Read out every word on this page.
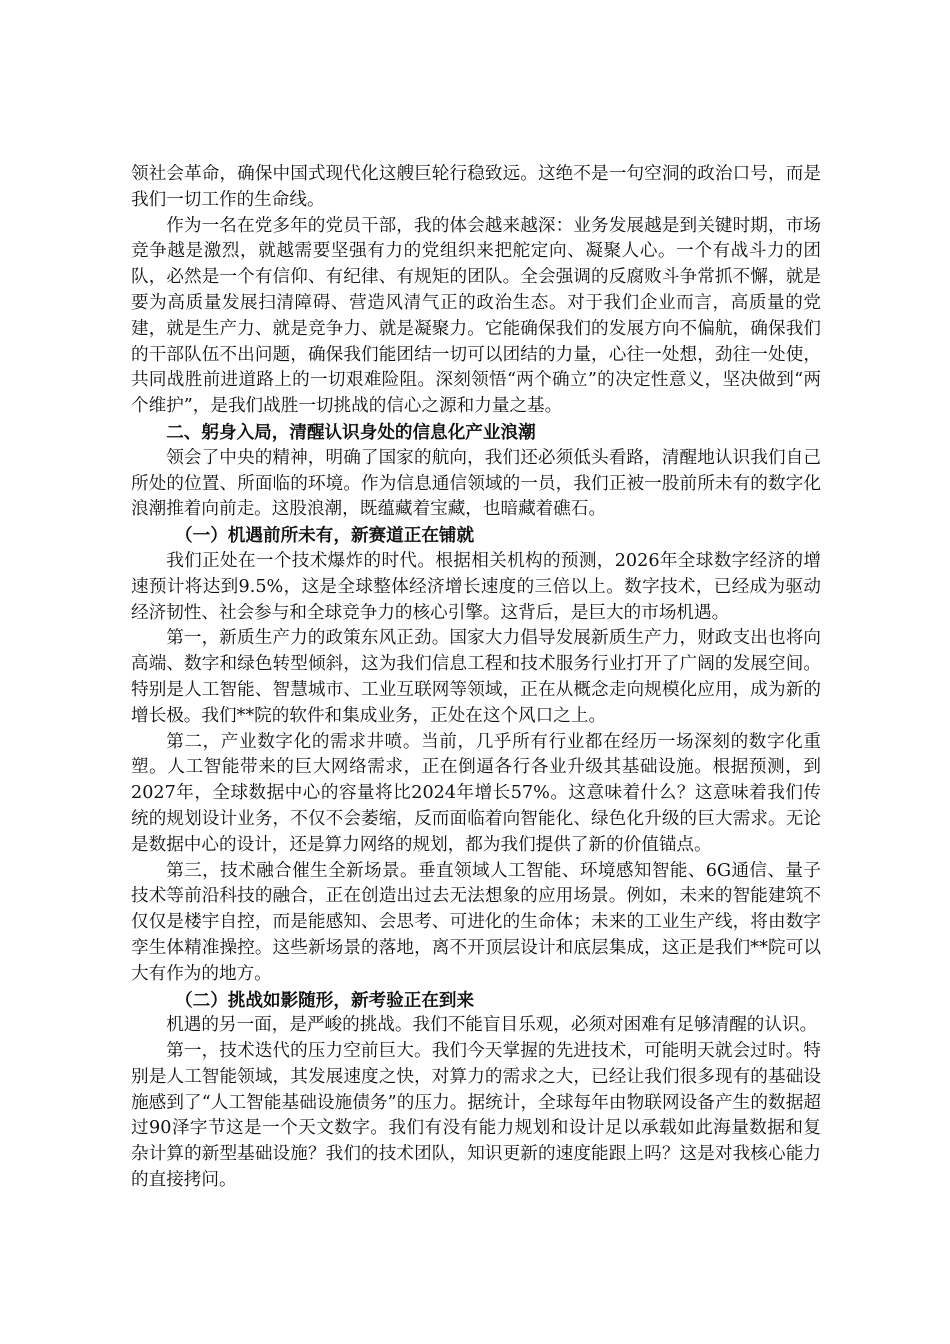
领社会革命，确保中国式现代化这艘巨轮行稳致远。这绝不是一句空洞的政治口号，而是我们一切工作的生命线。

作为一名在党多年的党员干部，我的体会越来越深：业务发展越是到关键时期，市场竞争越是激烈，就越需要坚强有力的党组织来把舵定向、凝聚人心。一个有战斗力的团队，必然是一个有信仰、有纪律、有规矩的团队。全会强调的反腐败斗争常抓不懈，就是要为高质量发展扫清障碍、营造风清气正的政治生态。对于我们企业而言，高质量的党建，就是生产力、就是竞争力、就是凝聚力。它能确保我们的发展方向不偏航，确保我们的干部队伍不出问题，确保我们能团结一切可以团结的力量，心往一处想，劲往一处使，共同战胜前进道路上的一切艰难险阻。深刻领悟“两个确立”的决定性意义，坚决做到“两个维护”，是我们战胜一切挑战的信心之源和力量之基。

二、躬身入局，清醒认识身处的信息化产业浪潮

领会了中央的精神，明确了国家的航向，我们还必须低头看路，清醒地认识我们自己所处的位置、所面临的环境。作为信息通信领域的一员，我们正被一股前所未有的数字化浪潮推着向前走。这股浪潮，既蕴藏着宝藏，也暗藏着礁石。

（一）机遇前所未有，新赛道正在铺就

我们正处在一个技术爆炸的时代。根据相关机构的预测，2026年全球数字经济的增速预计将达到9.5%，这是全球整体经济增长速度的三倍以上。数字技术，已经成为驱动经济韧性、社会参与和全球竞争力的核心引擎。这背后，是巨大的市场机遇。

第一，新质生产力的政策东风正劲。国家大力倡导发展新质生产力，财政支出也将向高端、数字和绿色转型倾斜，这为我们信息工程和技术服务行业打开了广阔的发展空间。特别是人工智能、智慧城市、工业互联网等领域，正在从概念走向规模化应用，成为新的增长极。我们**院的软件和集成业务，正处在这个风口之上。

第二，产业数字化的需求井喷。当前，几乎所有行业都在经历一场深刻的数字化重塑。人工智能带来的巨大网络需求，正在倒逼各行各业升级其基础设施。根据预测，到2027年，全球数据中心的容量将比2024年增长57%。这意味着什么？这意味着我们传统的规划设计业务，不仅不会萎缩，反而面临着向智能化、绿色化升级的巨大需求。无论是数据中心的设计，还是算力网络的规划，都为我们提供了新的价值锚点。

第三，技术融合催生全新场景。垂直领域人工智能、环境感知智能、6G通信、量子技术等前沿科技的融合，正在创造出过去无法想象的应用场景。例如，未来的智能建筑不仅仅是楼宇自控，而是能感知、会思考、可进化的生命体；未来的工业生产线，将由数字孪生体精准操控。这些新场景的落地，离不开顶层设计和底层集成，这正是我们**院可以大有作为的地方。

（二）挑战如影随形，新考验正在到来

机遇的另一面，是严峻的挑战。我们不能盲目乐观，必须对困难有足够清醒的认识。

第一，技术迭代的压力空前巨大。我们今天掌握的先进技术，可能明天就会过时。特别是人工智能领域，其发展速度之快，对算力的需求之大，已经让我们很多现有的基础设施感到了“人工智能基础设施债务”的压力。据统计，全球每年由物联网设备产生的数据超过90泽字节这是一个天文数字。我们有没有能力规划和设计足以承载如此海量数据和复杂计算的新型基础设施？我们的技术团队，知识更新的速度能跟上吗？这是对我核心能力的直接拷问。
